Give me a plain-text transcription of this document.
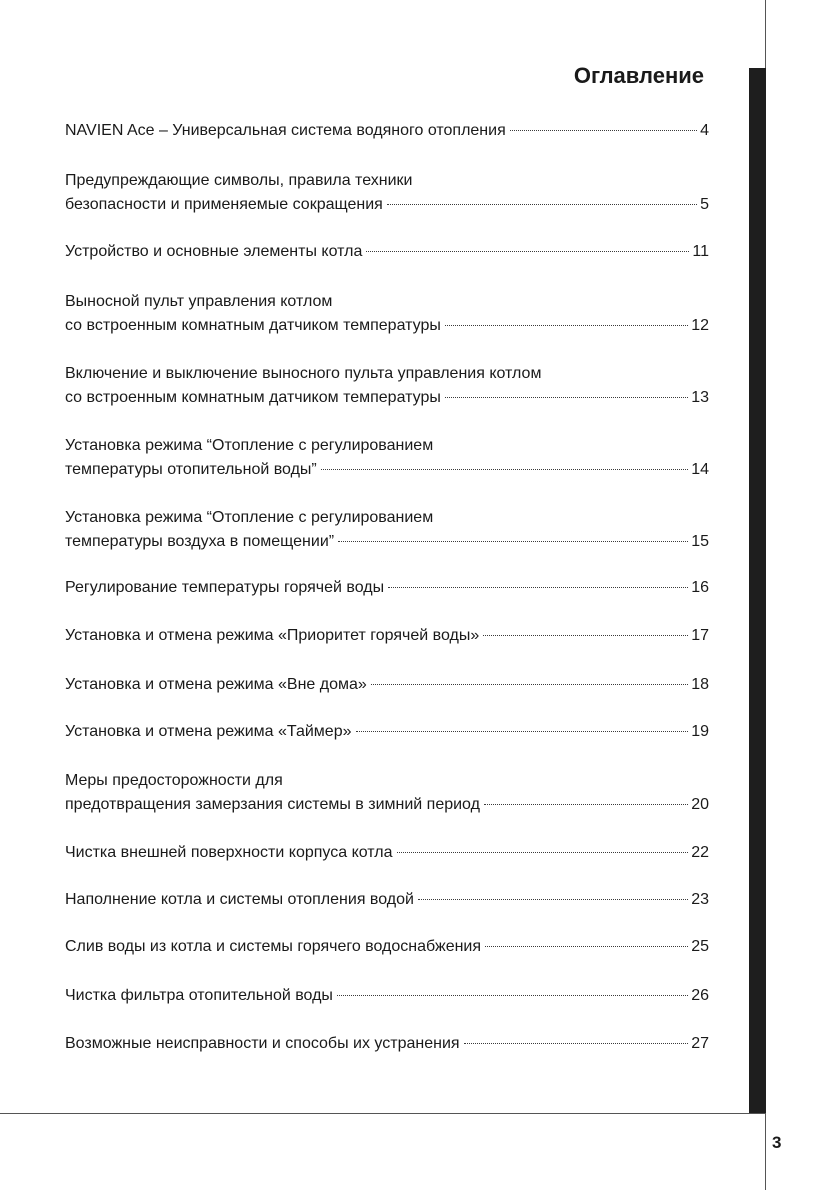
Оглавление
NAVIEN Ace – Универсальная система водяного отопления	4
Предупреждающие символы, правила техники
безопасности и применяемые сокращения	5
Устройство и основные элементы котла	11
Выносной пульт управления котлом
со встроенным комнатным датчиком температуры	12
Включение и выключение выносного пульта управления котлом
со встроенным комнатным датчиком температуры	13
Установка режима “Отопление с регулированием
температуры отопительной воды”	14
Установка режима “Отопление с регулированием
температуры воздуха в помещении”	15
Регулирование температуры горячей воды	16
Установка и отмена режима «Приоритет горячей воды»	17
Установка и отмена режима «Вне дома»	18
Установка и отмена режима «Таймер»	19
Меры предосторожности для
предотвращения замерзания системы в зимний период	20
Чистка внешней поверхности корпуса котла	22
Наполнение котла и системы отопления водой	23
Слив воды из котла и системы горячего водоснабжения	25
Чистка фильтра отопительной воды	26
Возможные неисправности и способы их устранения	27
3
